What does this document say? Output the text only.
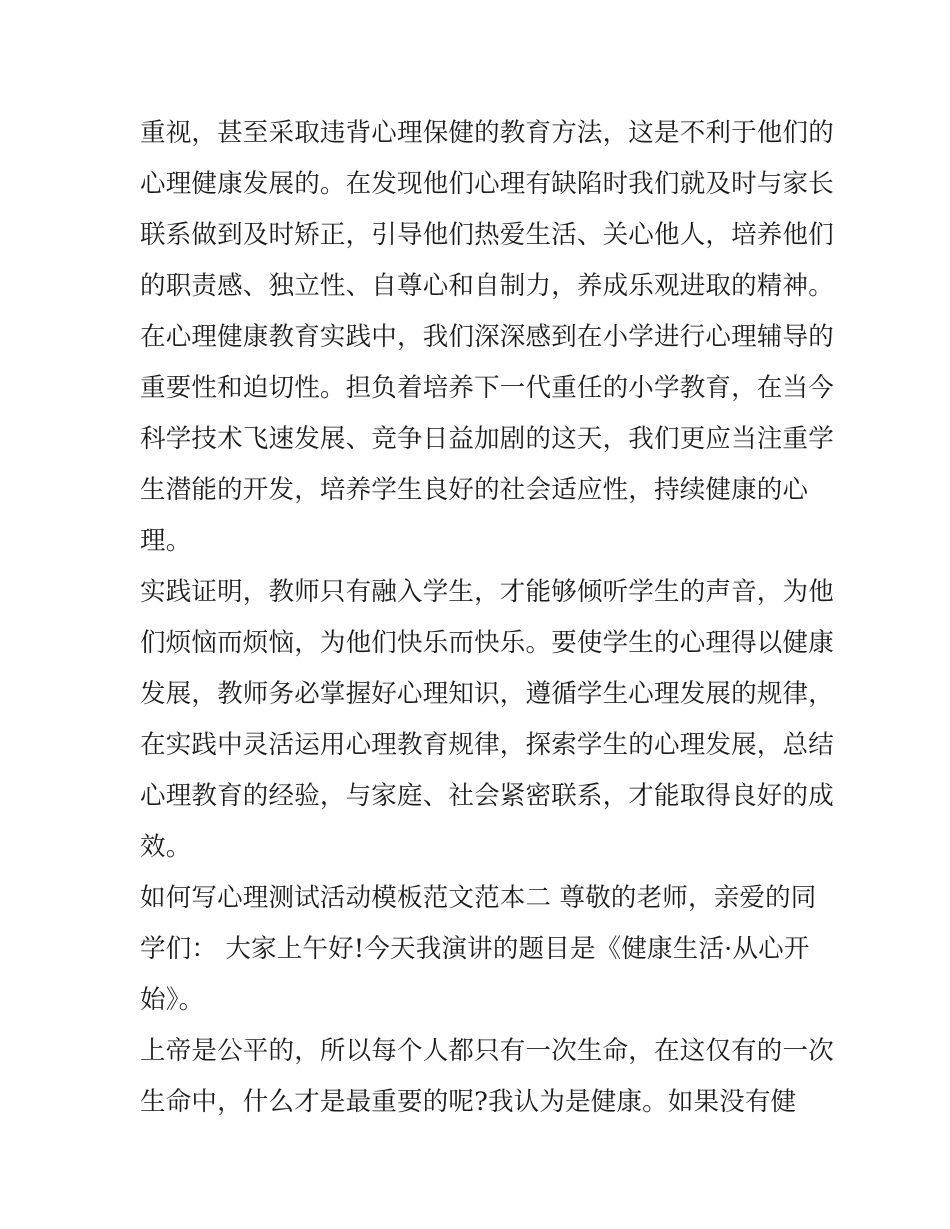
重视，甚至采取违背心理保健的教育方法，这是不利于他们的
心理健康发展的。在发现他们心理有缺陷时我们就及时与家长
联系做到及时矫正，引导他们热爱生活、关心他人，培养他们
的职责感、独立性、自尊心和自制力，养成乐观进取的精神。
在心理健康教育实践中，我们深深感到在小学进行心理辅导的
重要性和迫切性。担负着培养下一代重任的小学教育，在当今
科学技术飞速发展、竞争日益加剧的这天，我们更应当注重学
生潜能的开发，培养学生良好的社会适应性，持续健康的心
理。
实践证明，教师只有融入学生，才能够倾听学生的声音，为他
们烦恼而烦恼，为他们快乐而快乐。要使学生的心理得以健康
发展，教师务必掌握好心理知识，遵循学生心理发展的规律，
在实践中灵活运用心理教育规律，探索学生的心理发展，总结
心理教育的经验，与家庭、社会紧密联系，才能取得良好的成
效。
如何写心理测试活动模板范文范本二 尊敬的老师，亲爱的同
学们： 大家上午好!今天我演讲的题目是《健康生活·从心开
始》。
上帝是公平的，所以每个人都只有一次生命，在这仅有的一次
生命中，什么才是最重要的呢?我认为是健康。如果没有健
